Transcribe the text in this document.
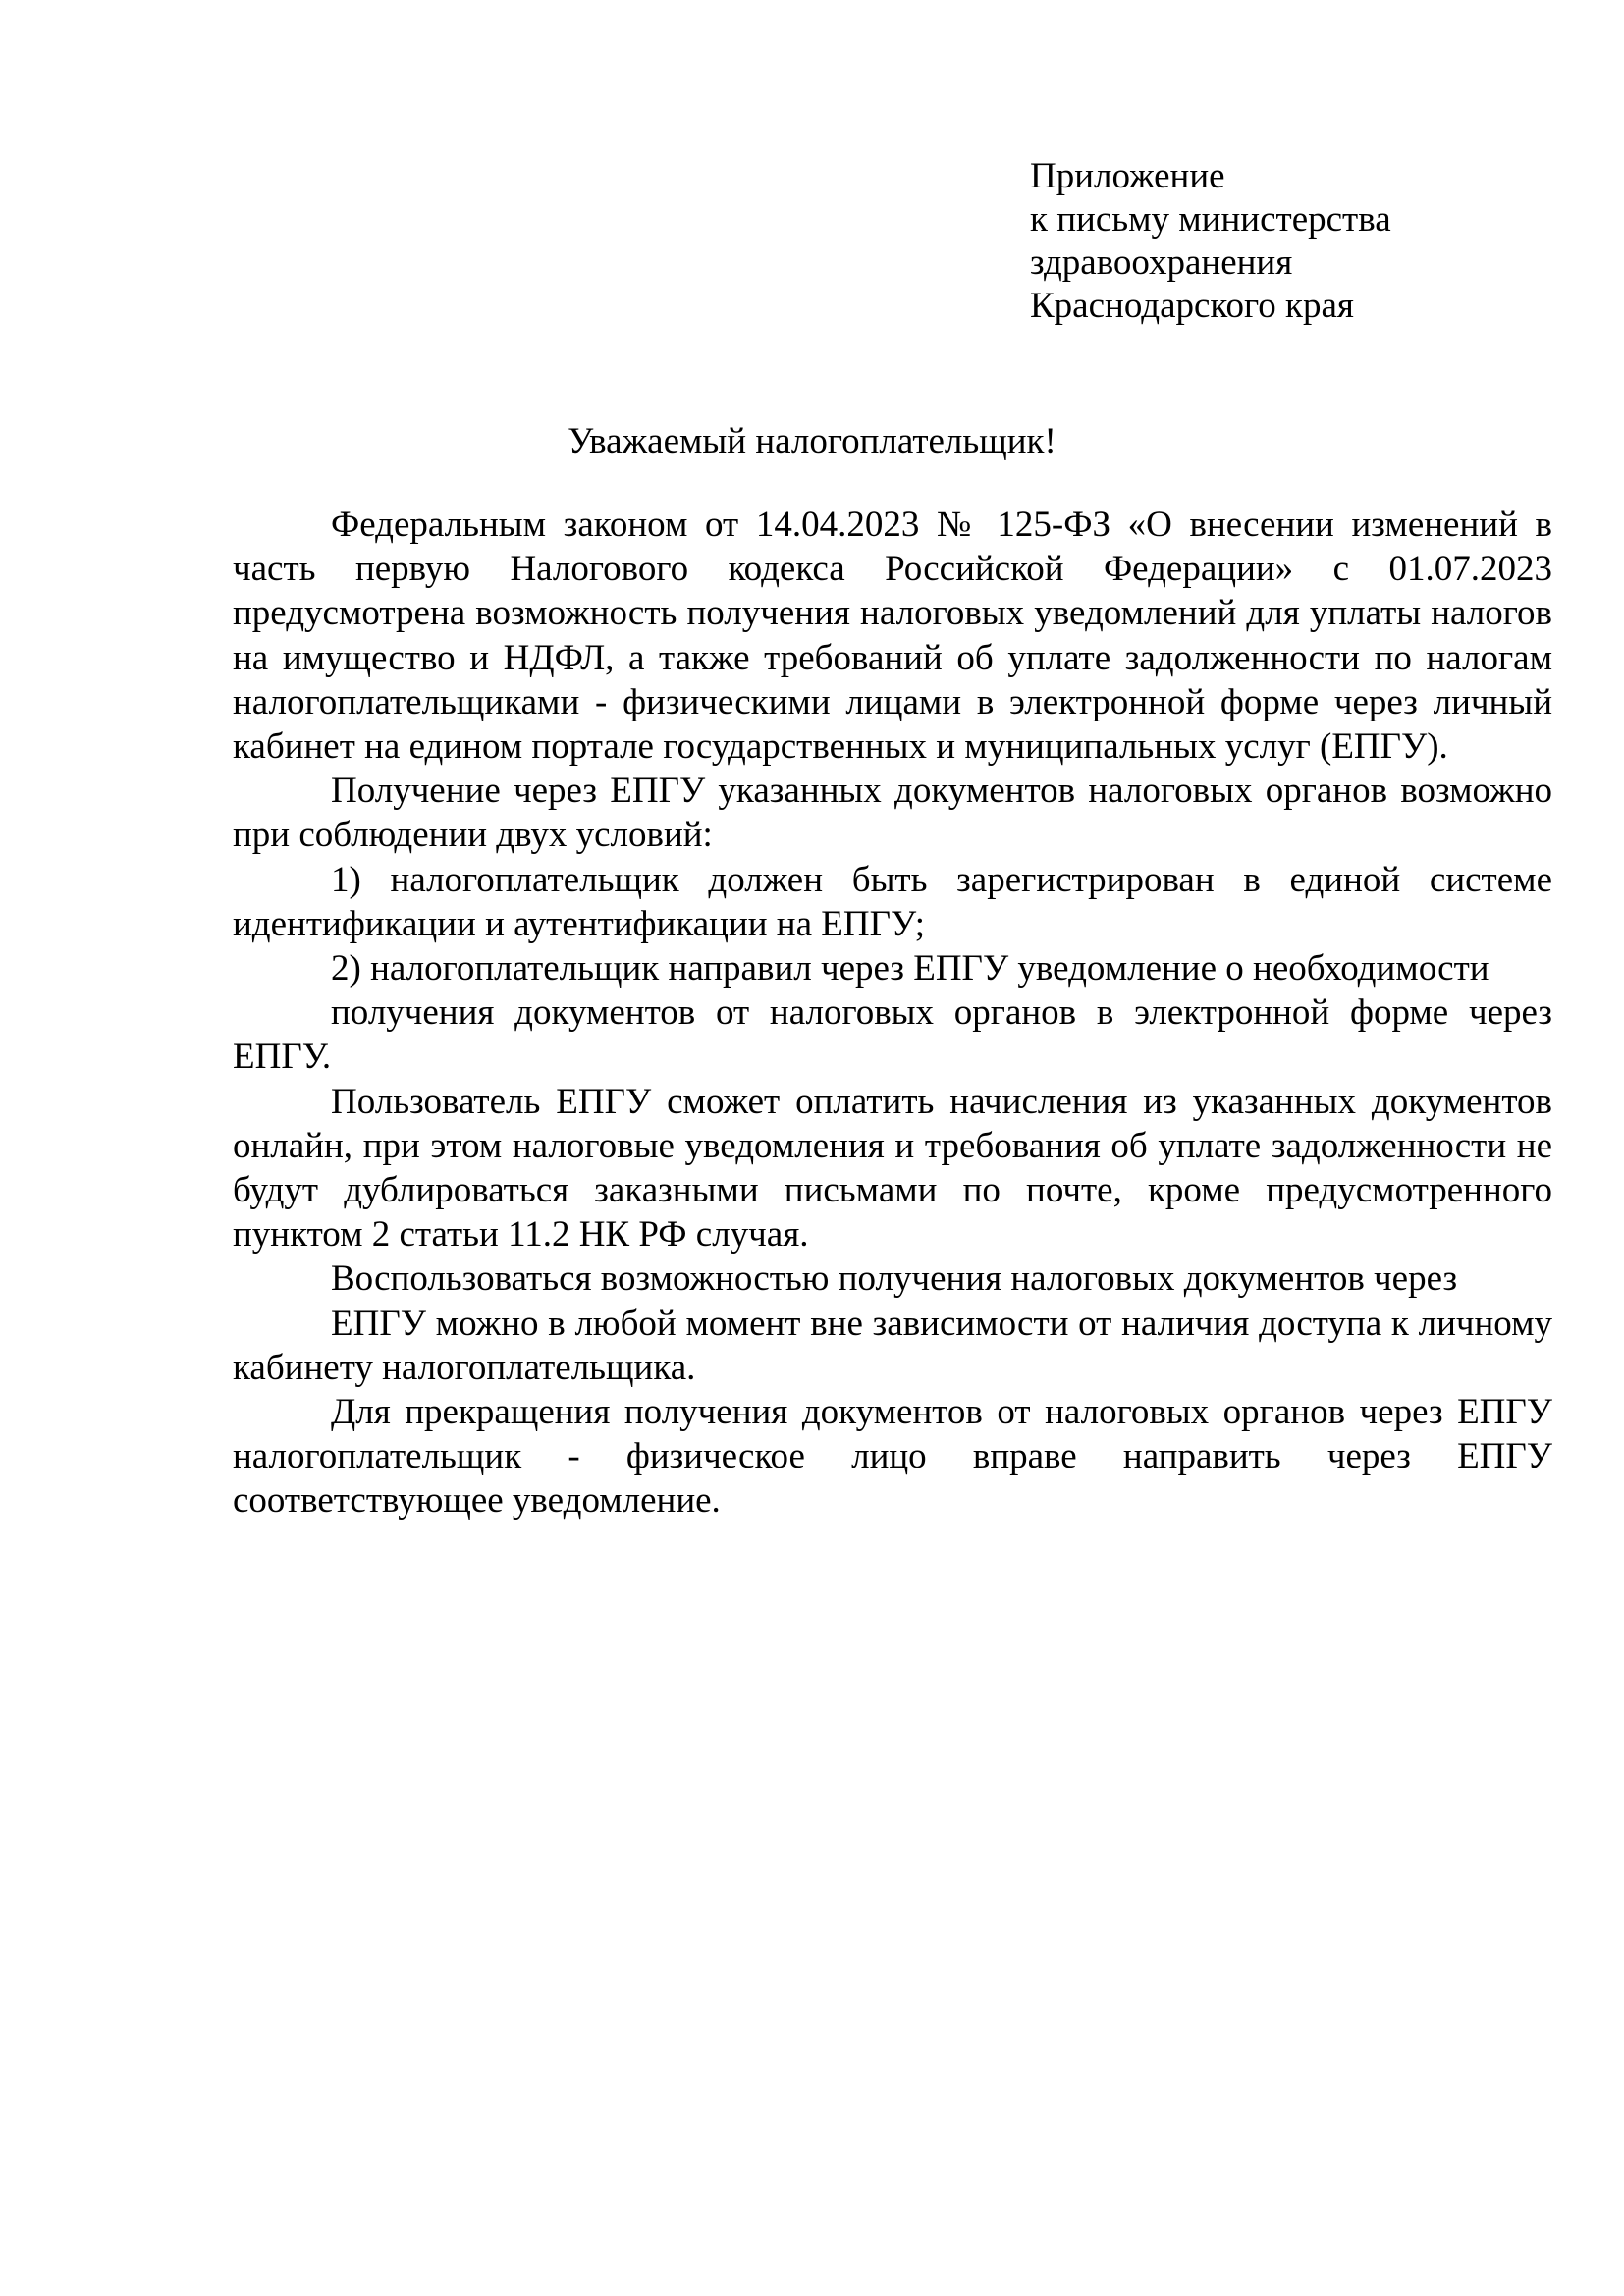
Приложение
к письму министерства
здравоохранения
Краснодарского края
Уважаемый налогоплательщик!

Федеральным законом от 14.04.2023 № 125-ФЗ «О внесении изменений в часть первую Налогового кодекса Российской Федерации» с 01.07.2023 предусмотрена возможность получения налоговых уведомлений для уплаты налогов на имущество и НДФЛ, а также требований об уплате задолженности по налогам налогоплательщиками - физическими лицами в электронной форме через личный кабинет на едином портале государственных и муниципальных услуг (ЕПГУ).

Получение через ЕПГУ указанных документов налоговых органов возможно при соблюдении двух условий:

1) налогоплательщик должен быть зарегистрирован в единой системе идентификации и аутентификации на ЕПГУ;

2) налогоплательщик направил через ЕПГУ уведомление о необходимости

получения документов от налоговых органов в электронной форме через ЕПГУ.

Пользователь ЕПГУ сможет оплатить начисления из указанных документов онлайн, при этом налоговые уведомления и требования об уплате задолженности не будут дублироваться заказными письмами по почте, кроме предусмотренного пунктом 2 статьи 11.2 НК РФ случая.

Воспользоваться возможностью получения налоговых документов через

ЕПГУ можно в любой момент вне зависимости от наличия доступа к личному кабинету налогоплательщика.

Для прекращения получения документов от налоговых органов через ЕПГУ налогоплательщик - физическое лицо вправе направить через ЕПГУ соответствующее уведомление.
